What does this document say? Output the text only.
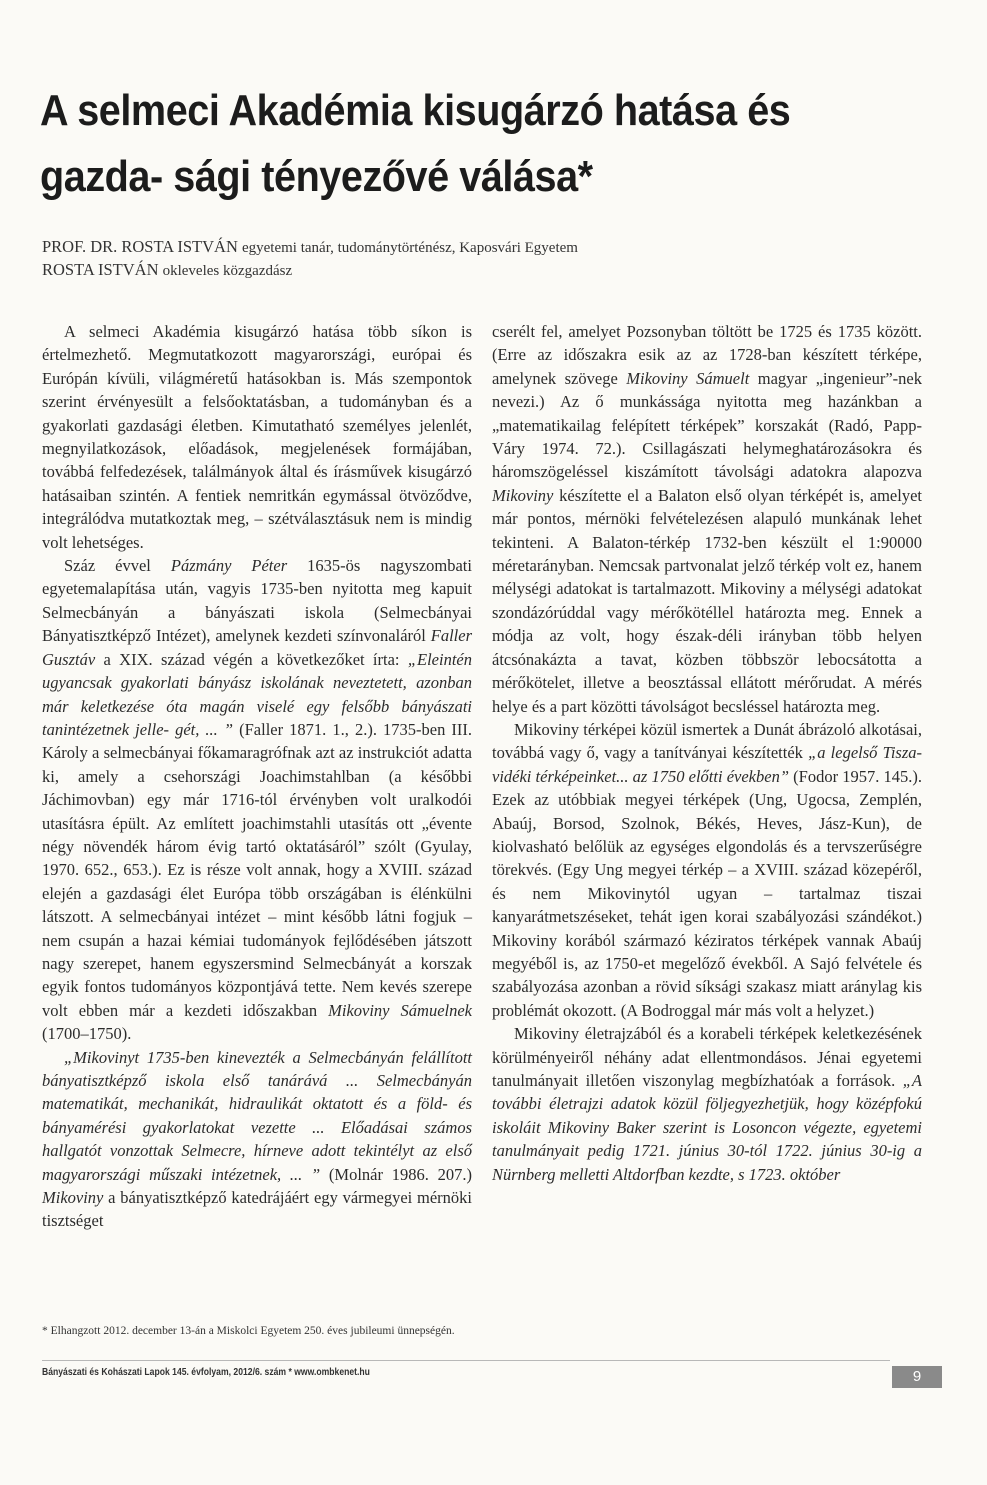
A selmeci Akadémia kisugárzó hatása és gazda- sági tényezővé válása*
PROF. DR. ROSTA ISTVÁN egyetemi tanár, tudománytörténész, Kaposvári Egyetem
ROSTA ISTVÁN okleveles közgazdász

A selmeci Akadémia kisugárzó hatása több síkon is értelmezhető. Megmutatkozott magyarországi, európai és Európán kívüli, világméretű hatásokban is. Más szempontok szerint érvényesült a felsőoktatásban, a tudományban és a gyakorlati gazdasági életben. Kimutatható személyes jelenlét, megnyilatkozások, előadások, megjelenések formájában, továbbá felfedezések, találmányok által és írásművek kisugárzó hatásaiban szintén. A fentiek nemritkán egymással ötvöződve, integrálódva mutatkoztak meg, – szétválasztásuk nem is mindig volt lehetséges.

Száz évvel Pázmány Péter 1635-ös nagyszombati egyetemalapítása után, vagyis 1735-ben nyitotta meg kapuit Selmecbányán a bányászati iskola (Selmecbányai Bányatisztképző Intézet), amelynek kezdeti színvonaláról Faller Gusztáv a XIX. század végén a következőket írta: „Eleintén ugyancsak gyakorlati bányász iskolának neveztetett, azonban már keletkezése óta magán viselé egy felsőbb bányászati tanintézetnek jelle- gét, ... ” (Faller 1871. 1., 2.). 1735-ben III. Károly a selmecbányai főkamaragrófnak azt az instrukciót adatta ki, amely a csehországi Joachimstahlban (a későbbi Jáchimovban) egy már 1716-tól érvényben volt uralkodói utasításra épült. Az említett joachimstahli utasítás ott „évente négy növendék három évig tartó oktatásáról” szólt (Gyulay, 1970. 652., 653.). Ez is része volt annak, hogy a XVIII. század elején a gazdasági élet Európa több országában is élénkülni látszott. A selmecbányai intézet – mint később látni fogjuk – nem csupán a hazai kémiai tudományok fejlődésében játszott nagy szerepet, hanem egyszersmind Selmecbányát a korszak egyik fontos tudományos központjává tette. Nem kevés szerepe volt ebben már a kezdeti időszakban Mikoviny Sámuelnek (1700–1750).

„Mikovinyt 1735-ben kinevezték a Selmecbányán felállított bányatisztképző iskola első tanárává ... Selmecbányán matematikát, mechanikát, hidraulikát oktatott és a föld- és bányamérési gyakorlatokat vezette ... Előadásai számos hallgatót vonzottak Selmecre, hírneve adott tekintélyt az első magyarországi műszaki intézetnek, ... ” (Molnár 1986. 207.) Mikoviny a bányatisztképző katedrájáért egy vármegyei mérnöki tisztséget

cserélt fel, amelyet Pozsonyban töltött be 1725 és 1735 között. (Erre az időszakra esik az az 1728-ban készített térképe, amelynek szövege Mikoviny Sámuelt magyar „ingenieur”-nek nevezi.) Az ő munkássága nyitotta meg hazánkban a „matematikailag felépített térképek” korszakát (Radó, Papp-Váry 1974. 72.). Csillagászati helymeghatározásokra és háromszögeléssel kiszámított távolsági adatokra alapozva Mikoviny készítette el a Balaton első olyan térképét is, amelyet már pontos, mérnöki felvételezésen alapuló munkának lehet tekinteni. A Balaton-térkép 1732-ben készült el 1:90000 méretarányban. Nemcsak partvonalat jelző térkép volt ez, hanem mélységi adatokat is tartalmazott. Mikoviny a mélységi adatokat szondázórúddal vagy mérőkötéllel határozta meg. Ennek a módja az volt, hogy észak-déli irányban több helyen átcsónakázta a tavat, közben többször lebocsátotta a mérőkötelet, illetve a beosztással ellátott mérőrudat. A mérés helye és a part közötti távolságot becsléssel határozta meg.

Mikoviny térképei közül ismertek a Dunát ábrázoló alkotásai, továbbá vagy ő, vagy a tanítványai készítették „a legelső Tisza-vidéki térképeinket... az 1750 előtti években” (Fodor 1957. 145.). Ezek az utóbbiak megyei térképek (Ung, Ugocsa, Zemplén, Abaúj, Borsod, Szolnok, Békés, Heves, Jász-Kun), de kiolvasható belőlük az egységes elgondolás és a tervszerűségre törekvés. (Egy Ung megyei térkép – a XVIII. század közepéről, és nem Mikovinytól ugyan – tartalmaz tiszai kanyarátmetszéseket, tehát igen korai szabályozási szándékot.) Mikoviny korából származó kéziratos térképek vannak Abaúj megyéből is, az 1750-et megelőző évekből. A Sajó felvétele és szabályozása azonban a rövid síksági szakasz miatt aránylag kis problémát okozott. (A Bodroggal már más volt a helyzet.)

Mikoviny életrajzából és a korabeli térképek keletkezésének körülményeiről néhány adat ellentmondásos. Jénai egyetemi tanulmányait illetően viszonylag megbízhatóak a források. „A további életrajzi adatok közül följegyezhetjük, hogy középfokú iskoláit Mikoviny Baker szerint is Losoncon végezte, egyetemi tanulmányait pedig 1721. június 30-tól 1722. június 30-ig a Nürnberg melletti Altdorfban kezdte, s 1723. október

* Elhangzott 2012. december 13-án a Miskolci Egyetem 250. éves jubileumi ünnepségén.
Bányászati és Kohászati Lapok 145. évfolyam, 2012/6. szám * www.ombkenet.hu	9
